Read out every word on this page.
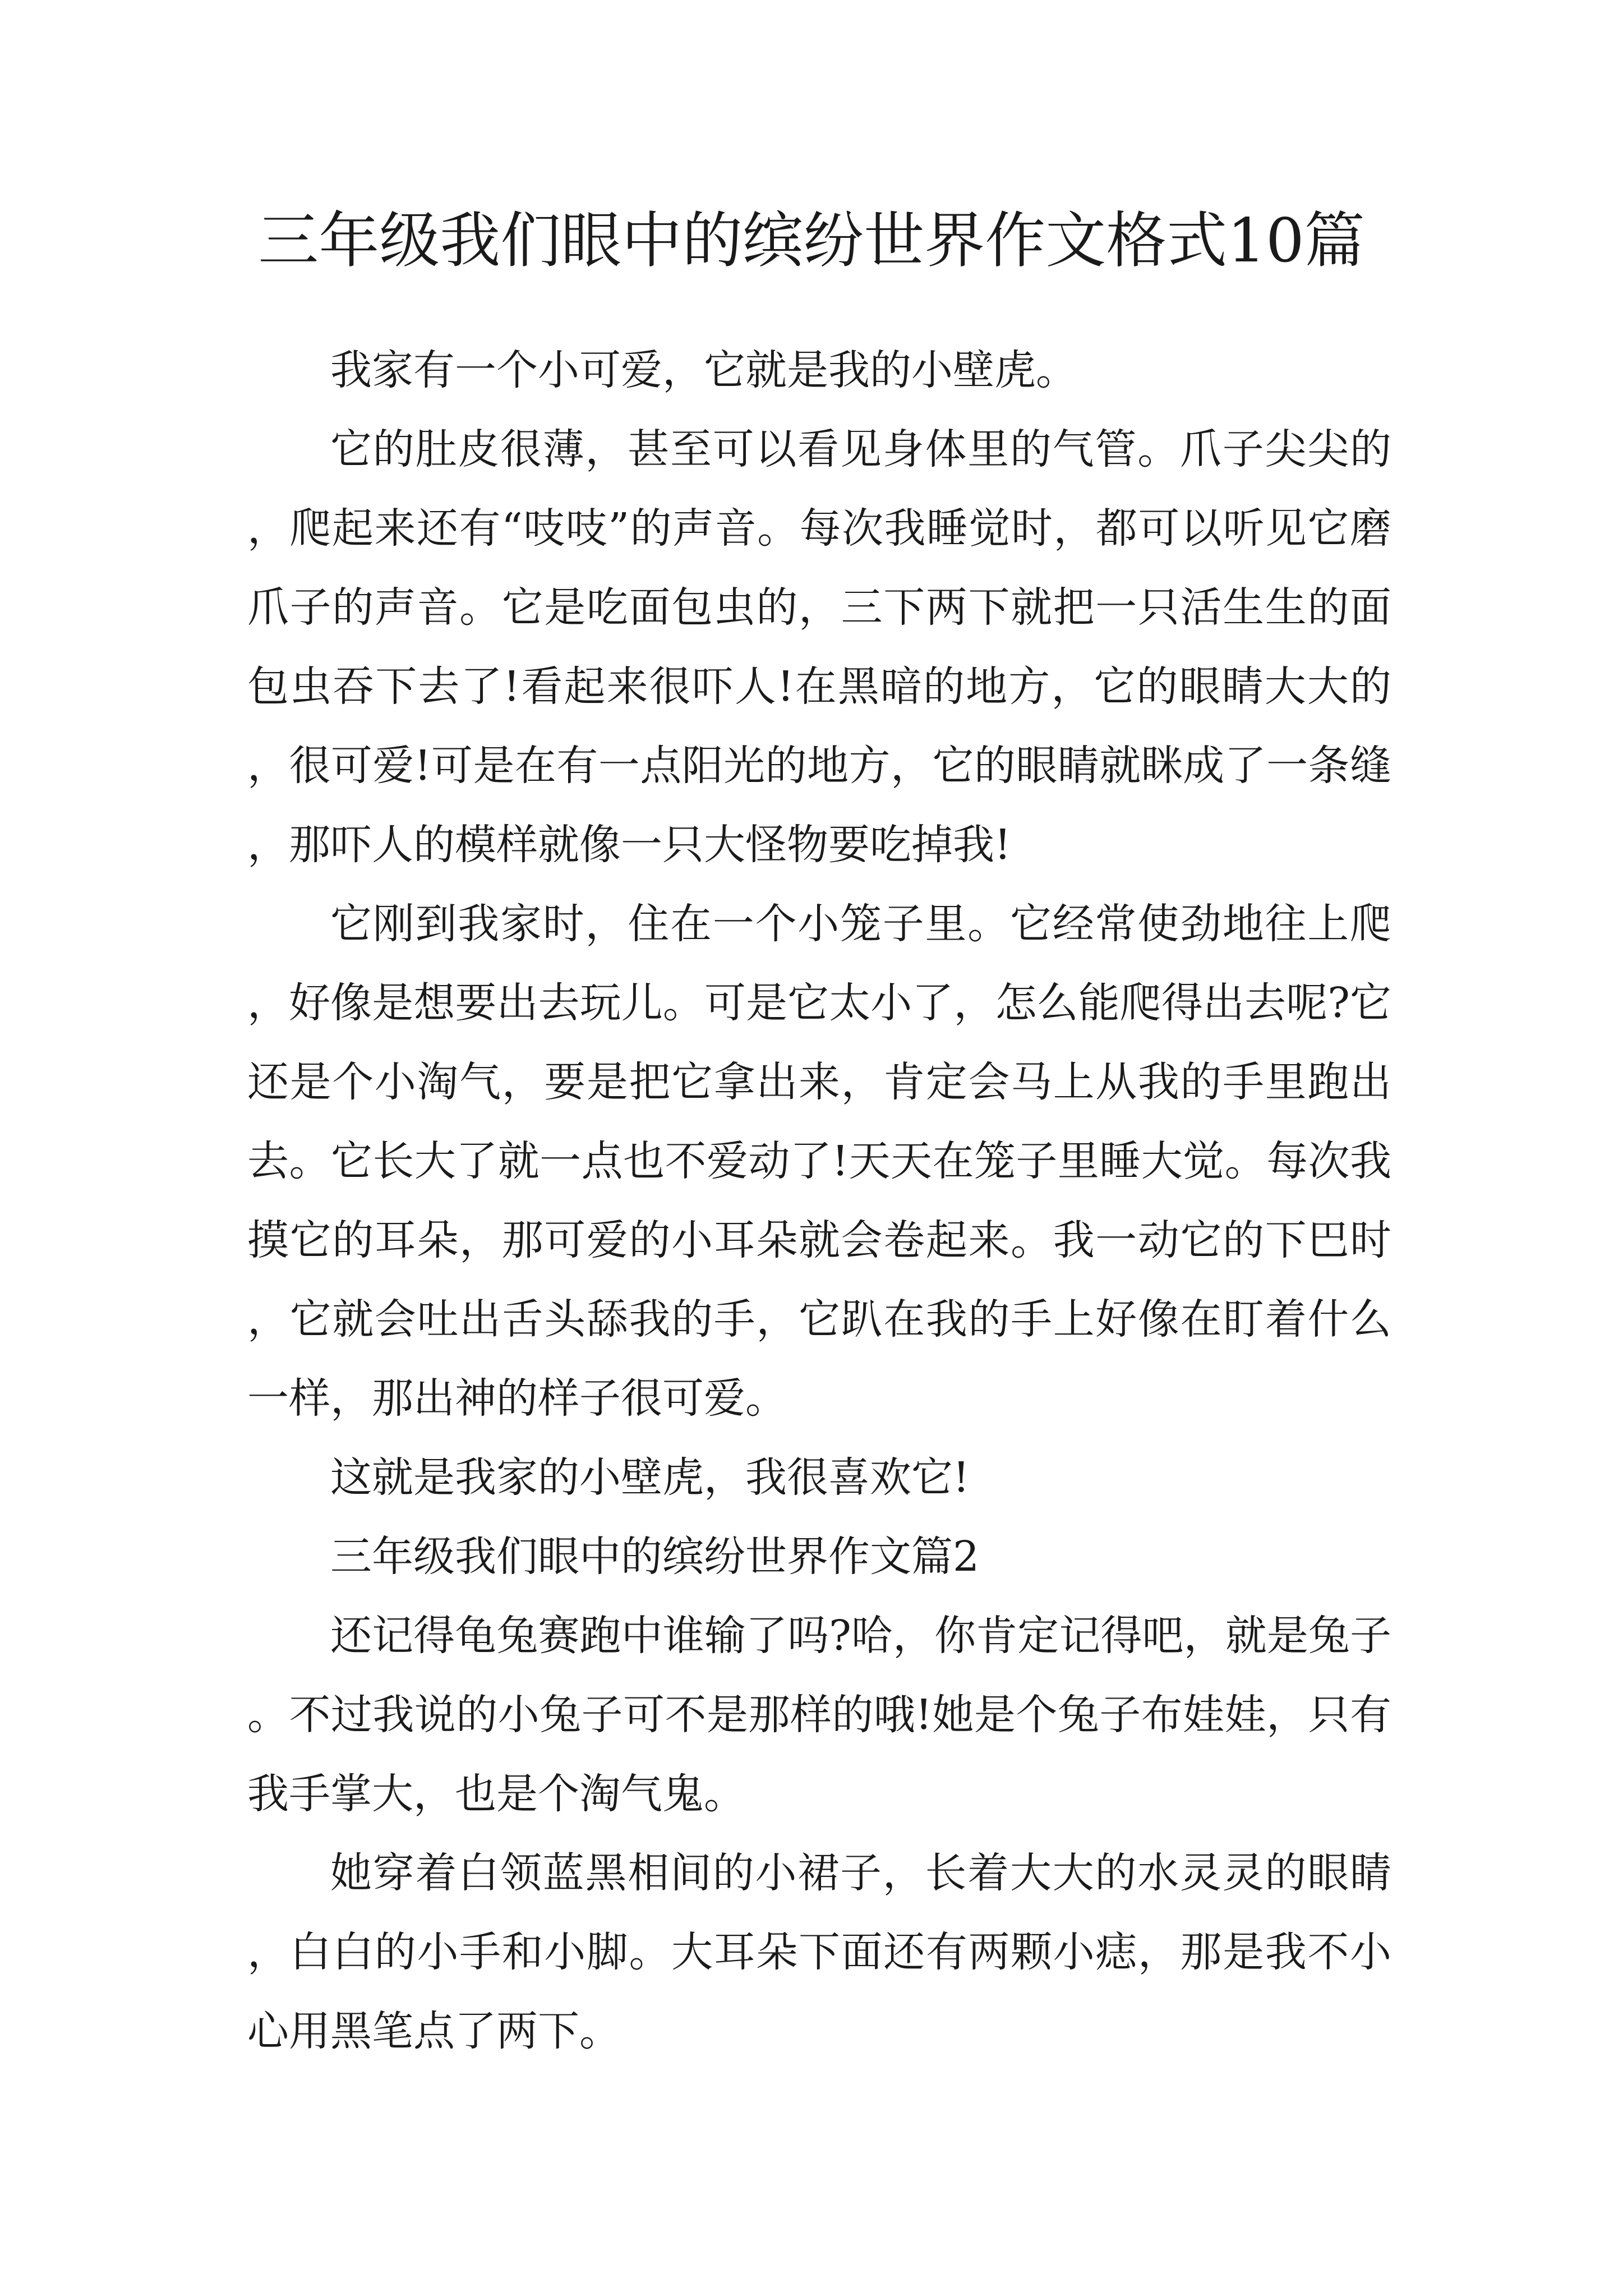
三年级我们眼中的缤纷世界作文格式10篇

我家有一个小可爱，它就是我的小壁虎。

它的肚皮很薄，甚至可以看见身体里的气管。爪子尖尖的，爬起来还有“吱吱”的声音。每次我睡觉时，都可以听见它磨爪子的声音。它是吃面包虫的，三下两下就把一只活生生的面包虫吞下去了!看起来很吓人!在黑暗的地方，它的眼睛大大的，很可爱!可是在有一点阳光的地方，它的眼睛就眯成了一条缝，那吓人的模样就像一只大怪物要吃掉我!

它刚到我家时，住在一个小笼子里。它经常使劲地往上爬，好像是想要出去玩儿。可是它太小了，怎么能爬得出去呢?它还是个小淘气，要是把它拿出来，肯定会马上从我的手里跑出去。它长大了就一点也不爱动了!天天在笼子里睡大觉。每次我摸它的耳朵，那可爱的小耳朵就会卷起来。我一动它的下巴时，它就会吐出舌头舔我的手，它趴在我的手上好像在盯着什么一样，那出神的样子很可爱。

这就是我家的小壁虎，我很喜欢它!

三年级我们眼中的缤纷世界作文篇2

还记得龟兔赛跑中谁输了吗?哈，你肯定记得吧，就是兔子。不过我说的小兔子可不是那样的哦!她是个兔子布娃娃，只有我手掌大，也是个淘气鬼。

她穿着白领蓝黑相间的小裙子，长着大大的水灵灵的眼睛，白白的小手和小脚。大耳朵下面还有两颗小痣，那是我不小心用黑笔点了两下。
